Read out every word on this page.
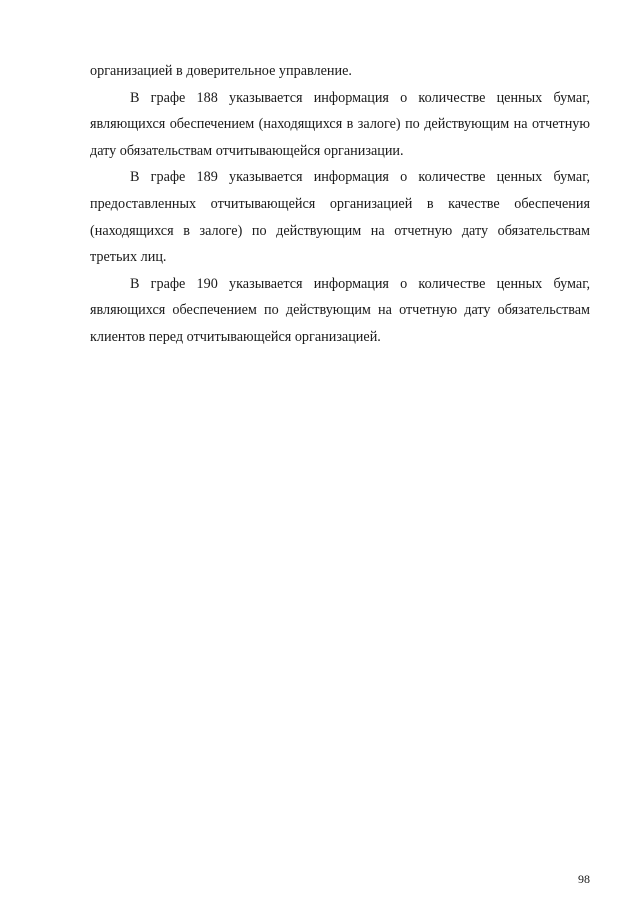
организацией в доверительное управление.

В графе 188 указывается информация о количестве ценных бумаг, являющихся обеспечением (находящихся в залоге) по действующим на отчетную дату обязательствам отчитывающейся организации.

В графе 189 указывается информация о количестве ценных бумаг, предоставленных отчитывающейся организацией в качестве обеспечения (находящихся в залоге) по действующим на отчетную дату обязательствам третьих лиц.

В графе 190 указывается информация о количестве ценных бумаг, являющихся обеспечением по действующим на отчетную дату обязательствам клиентов перед отчитывающейся организацией.

98
